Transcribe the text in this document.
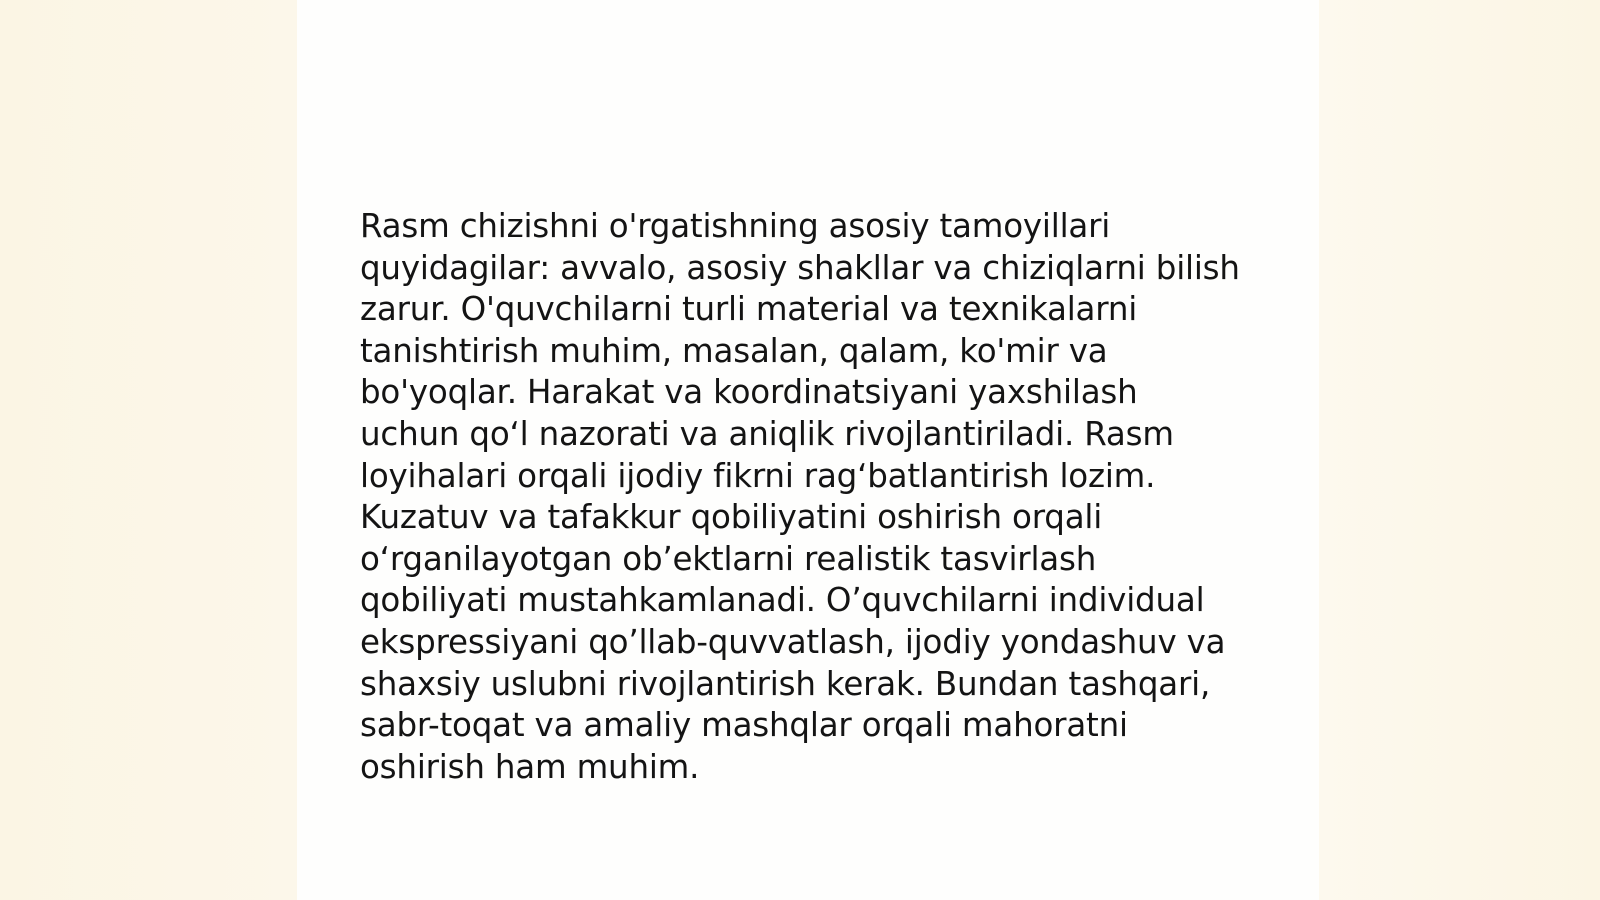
Rasm chizishni o'rgatishning asosiy tamoyillari
quyidagilar: avvalo, asosiy shakllar va chiziqlarni bilish
zarur. O'quvchilarni turli material va texnikalarni
tanishtirish muhim, masalan, qalam, ko'mir va
bo'yoqlar. Harakat va koordinatsiyani yaxshilash
uchun qo‘l nazorati va aniqlik rivojlantiriladi. Rasm
loyihalari orqali ijodiy fikrni rag‘batlantirish lozim.
Kuzatuv va tafakkur qobiliyatini oshirish orqali
o‘rganilayotgan ob’ektlarni realistik tasvirlash
qobiliyati mustahkamlanadi. O’quvchilarni individual
ekspressiyani qo’llab-quvvatlash, ijodiy yondashuv va
shaxsiy uslubni rivojlantirish kerak. Bundan tashqari,
sabr-toqat va amaliy mashqlar orqali mahoratni
oshirish ham muhim.
